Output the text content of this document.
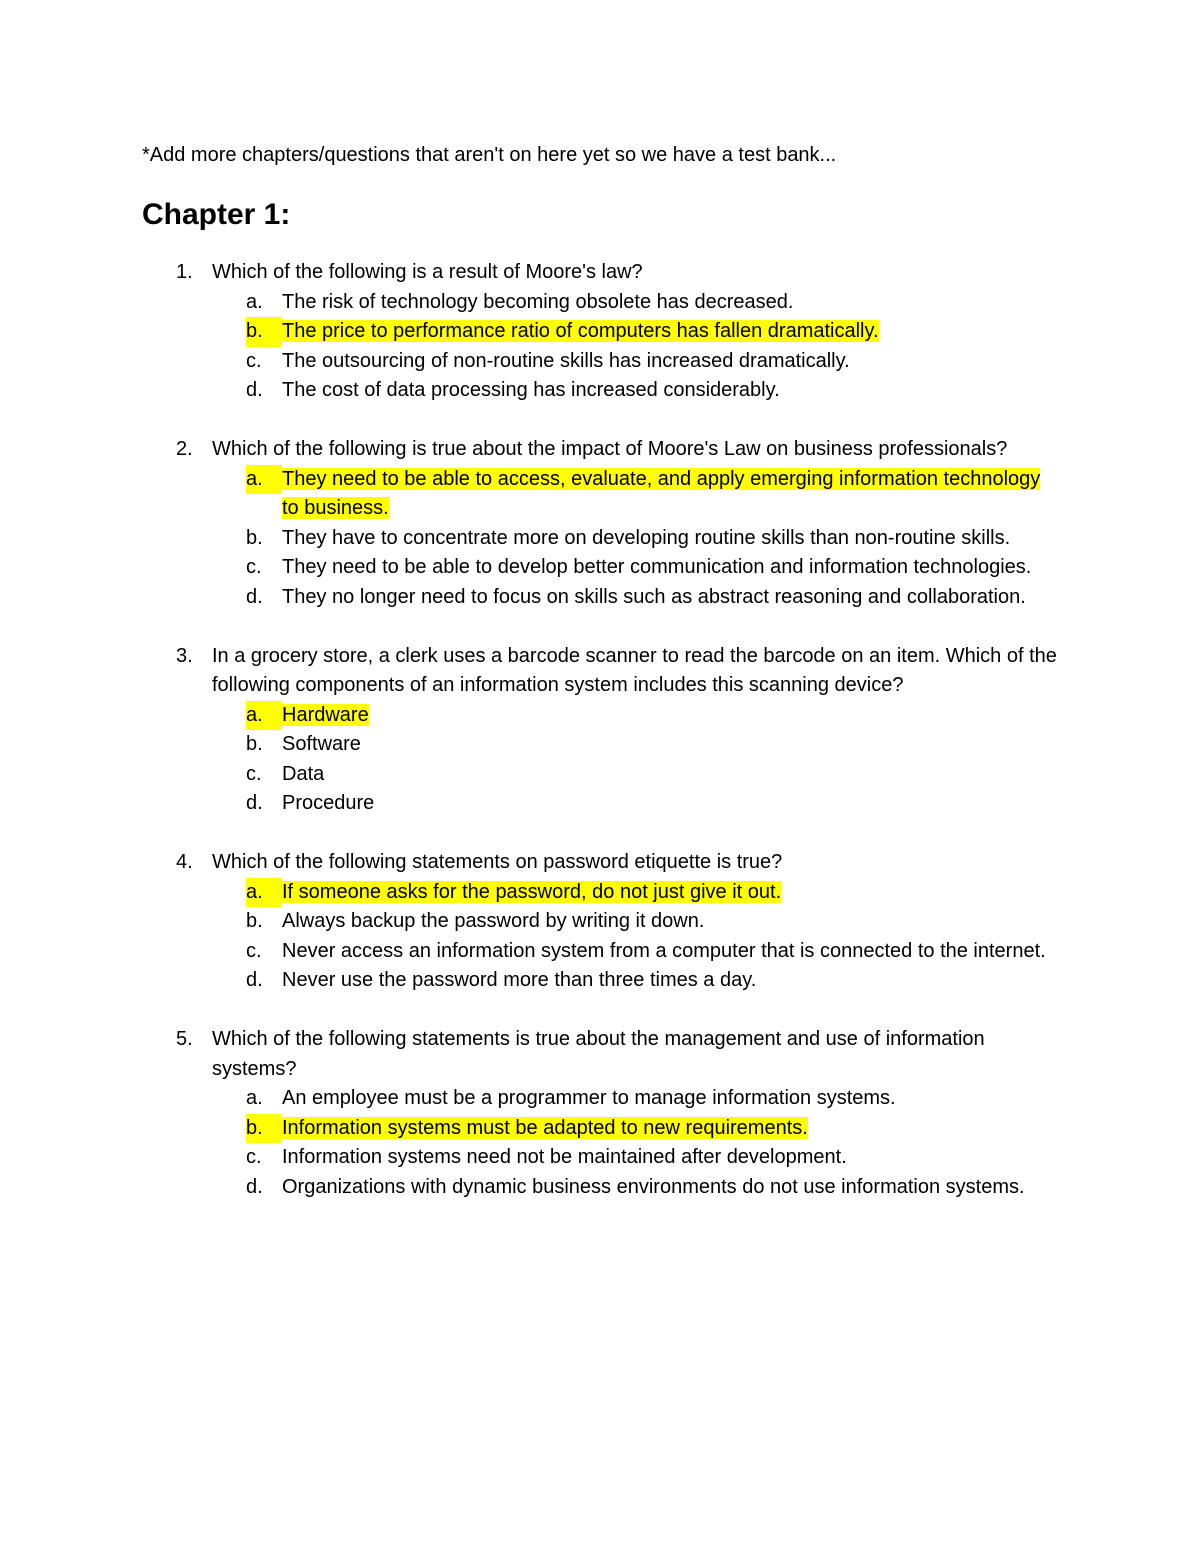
*Add more chapters/questions that aren't on here yet so we have a test bank...

Chapter 1:
1. Which of the following is a result of Moore's law?
a. The risk of technology becoming obsolete has decreased.
b. The price to performance ratio of computers has fallen dramatically.
c.	The outsourcing of non-routine skills has increased dramatically.
d. The cost of data processing has increased considerably.
2. Which of the following is true about the impact of Moore's Law on business professionals?
a. They need to be able to access, evaluate, and apply emerging information technology to business.
b. They have to concentrate more on developing routine skills than non-routine skills.
c.	They need to be able to develop better communication and information technologies.
d. They no longer need to focus on skills such as abstract reasoning and collaboration.
3. In a grocery store, a clerk uses a barcode scanner to read the barcode on an item. Which of the following components of an information system includes this scanning device?
a. Hardware
b. Software
c.	Data
d. Procedure
4. Which of the following statements on password etiquette is true?
a. If someone asks for the password, do not just give it out.
b. Always backup the password by writing it down.
c.	Never access an information system from a computer that is connected to the internet.
d. Never use the password more than three times a day.
5. Which of the following statements is true about the management and use of information systems?
a. An employee must be a programmer to manage information systems.
b. Information systems must be adapted to new requirements.
c.	Information systems need not be maintained after development.
d. Organizations with dynamic business environments do not use information systems.
